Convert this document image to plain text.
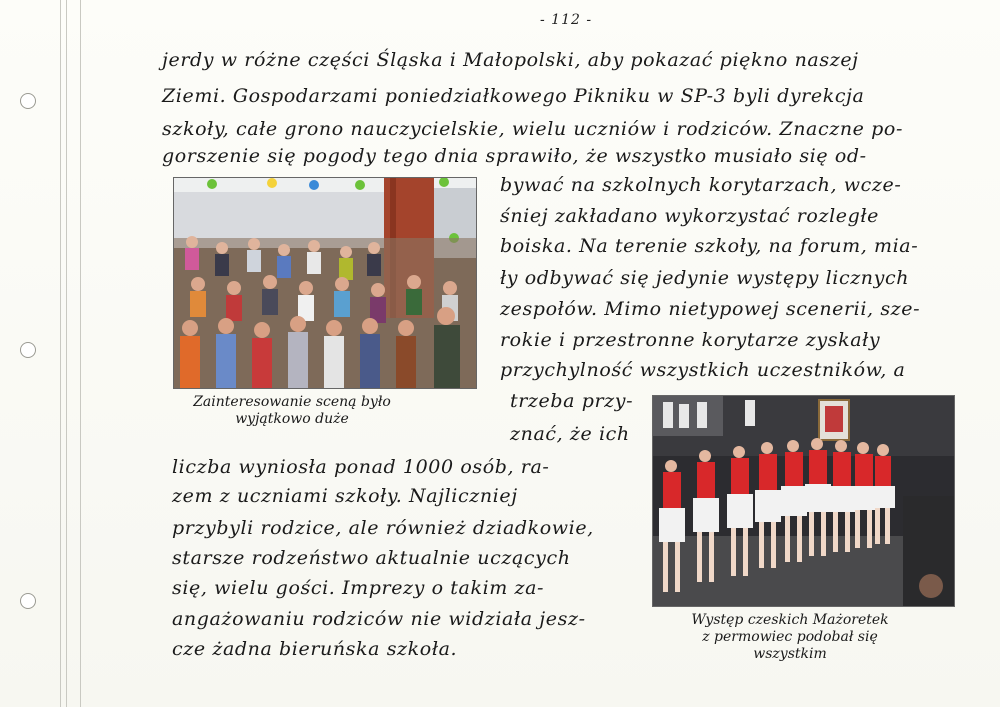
- 112 -
jerdy w różne części Śląska i Małopolski, aby pokazać piękno naszej
Ziemi. Gospodarzami poniedziałkowego Pikniku w SP-3 byli dyrekcja
szkoły, całe grono nauczycielskie, wielu uczniów i rodziców. Znaczne po-
gorszenie się pogody tego dnia sprawiło, że wszystko musiało się od-
Zainteresowanie sceną było
wyjątkowo duże
bywać na szkolnych korytarzach, wcze-
śniej zakładano wykorzystać rozległe
boiska. Na terenie szkoły, na forum, mia-
ły odbywać się jedynie występy licznych
zespołów. Mimo nietypowej scenerii, sze-
rokie i przestronne korytarze zyskały
przychylność wszystkich uczestników, a
trzeba przy-
znać, że ich
Występ czeskich Mażoretek
z permowiec podobał się
wszystkim
liczba wyniosła ponad 1000 osób, ra-
zem z uczniami szkoły. Najliczniej
przybyli rodzice, ale również dziadkowie,
starsze rodzeństwo aktualnie uczących
się, wielu gości. Imprezy o takim za-
angażowaniu rodziców nie widziała jesz-
cze żadna bieruńska szkoła.
